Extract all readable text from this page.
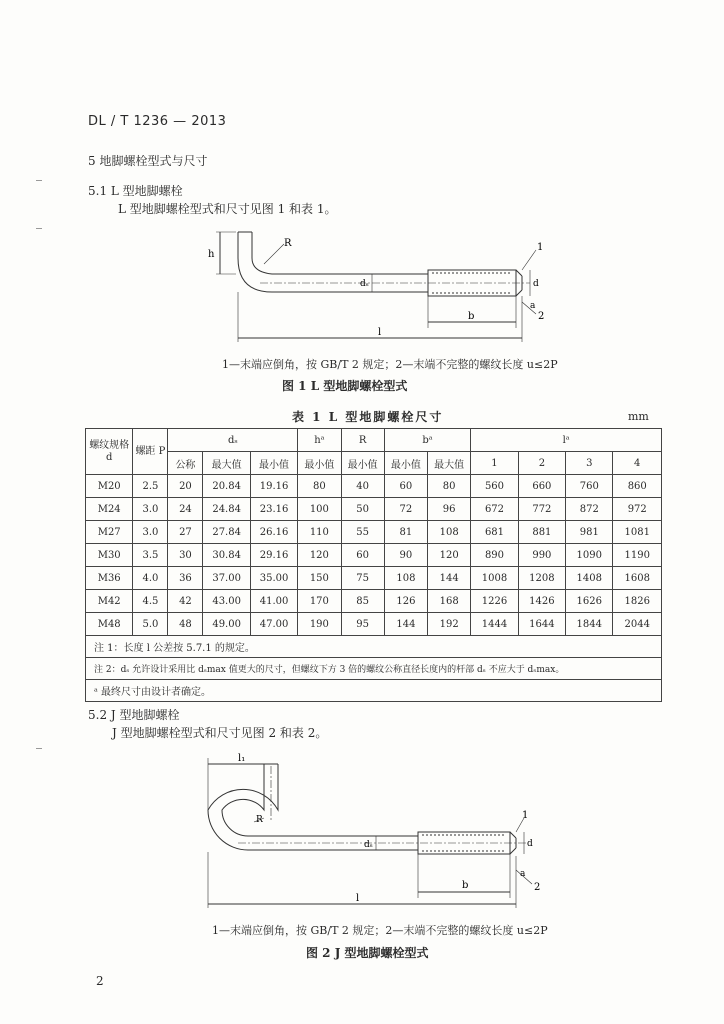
DL / T 1236 — 2013
5 地脚螺栓型式与尺寸
5.1 L 型地脚螺栓
L 型地脚螺栓型式和尺寸见图 1 和表 1。
h
R
dₛ	d
b
l
a
1
2
1—末端应倒角，按 GB/T 2 规定；2—末端不完整的螺纹长度 u≤2P
图 1 L 型地脚螺栓型式
表 1 L 型地脚螺栓尺寸	mm
螺纹规格 d	螺距 P	dₛ			hᵃ	R	bᵃ		lᵃ			
		公称	最大值	最小值	最小值	最小值	最小值	最大值	1	2	3	4
M20	2.5	20	20.84	19.16	80	40	60	80	560	660	760	860
M24	3.0	24	24.84	23.16	100	50	72	96	672	772	872	972
M27	3.0	27	27.84	26.16	110	55	81	108	681	881	981	1081
M30	3.5	30	30.84	29.16	120	60	90	120	890	990	1090	1190
M36	4.0	36	37.00	35.00	150	75	108	144	1008	1208	1408	1608
M42	4.5	42	43.00	41.00	170	85	126	168	1226	1426	1626	1826
M48	5.0	48	49.00	47.00	190	95	144	192	1444	1644	1844	2044
注 1：长度 l 公差按 5.7.1 的规定。												
注 2：dₛ 允许设计采用比 dₛmax 值更大的尺寸，但螺纹下方 3 倍的螺纹公称直径长度内的杆部 dₛ 不应大于 dₛmax。												
ᵃ 最终尺寸由设计者确定。												
5.2 J 型地脚螺栓
J 型地脚螺栓型式和尺寸见图 2 和表 2。
l₁
R
dₛ	d
b
l
a
1
2
1—末端应倒角，按 GB/T 2 规定；2—末端不完整的螺纹长度 u≤2P
图 2 J 型地脚螺栓型式
2
